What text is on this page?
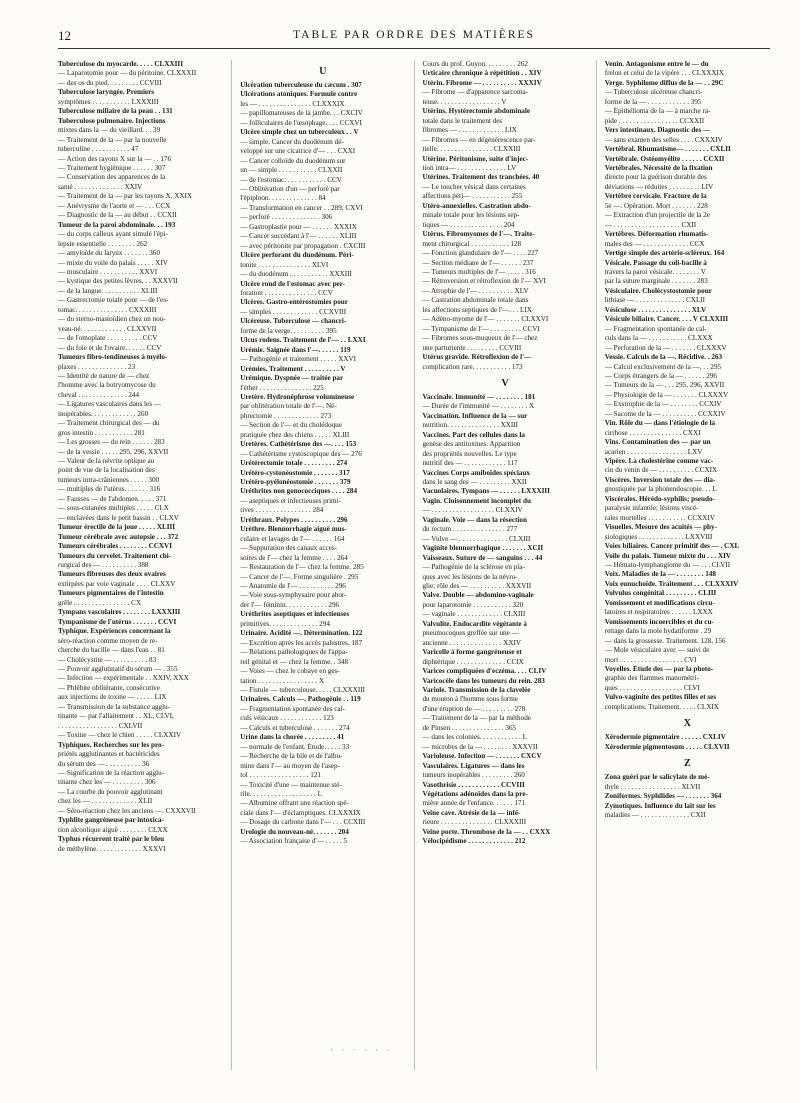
12	TABLE PAR ORDRE DES MATIÈRES
Tuberculose du myocarde. . . . . CLXXIII
— Laparotomie pour — du péritoine. CLXXXII
— des os du pied. . . . . . . . . CCVIII
Tuberculose laryngée. Premiers
symptômes . . . . . . . . . . . LXXXIII
Tuberculose miliaire de la peau . . 131
Tuberculose pulmonaire. Injections
mixtes dans la — du vieillard. . . 39
— Traitement de la — par la nouvelle
tuberculine . . . . . . . . . . . 47
— Action des rayons X sur la — . . 176
— Traitement hygiénique . . . . . . 307
— Conservation des apparences de la
santé . . . . . . . . . . . . . . XXIV
— Traitement de la — par les rayons X. XXIX
— Anévrysme de l'aorte et — . . . CCX
— Diagnostic de la — au début . . CCXII
Tumeur de la paroi abdominale. . . 193
— du corps calleux ayant simulé l'épi-
lepsie essentielle . . . . . . . . 262
— amyloïde du larynx . . . . . . . 360
— mixte du voile du palais . . . . . XIV
— musculaire . . . . . . . . . . . XXVI
— kystique des petites lèvres. . . XXXVII
— de la langue. . . . . . . . . . . XLIII
— Gastrectomie totale pour — de l'es-
tomac. . . . . . . . . . . . . . . CXXXIII
— du sterno-mastoïdien chez un nou-
veau-né. . . . . . . . . . . . . CLXXVII
— de l'omoplate . . . . . . . . . . CCV
— du foie et de l'ovaire. . . . . . CCV
Tumeurs fibro-tendineuses à myélo-
plaxes . . . . . . . . . . . . . . 23
— Identité de nature de — chez
l'homme avec la botryomycose du
cheval . . . . . . . . . . . . . . 244
— Ligatures vasculaires dans les —
inopérables. . . . . . . . . . . . . 260
— Traitement chirurgical des — du
gros intestin . . . . . . . . . . . 281
— Les grosses — du rein . . . . . . 283
— de la vessie . . . . . 295, 296, XXVII
— Valeur de la névrite optique au
point de vue de la localisation des
tumeurs intra-crâniennes . . . . . 300
— multiples de l'utérus. . . . . . . 316
— Fausses — de l'abdomen. . . . . 371
— sous-cutanées multiples . . . . . CLX
— enclavées dans le petit bassin . . CLXV
Tumeur érectile de la joue . . . . . XLIII
Tumeur cérébrale avec autopsie . . . 372
Tumeurs cérébrales . . . . . . . . CCXVI
Tumeurs du cervelet. Traitement chi-
rurgical des — . . . . . . . . . . 388
Tumeurs fibreuses des deux ovaires
extirpées par voie vaginale . . . . CLXXV
Tumeurs pigmentaires de l'intestin
grêle . . . . . . . . . . . . . . . . CX
Tympans vasculaires . . . . . . . . LXXXIII
Tympanisme de l'utérus . . . . . . . CCVI
Typhique. Expériences concernant la
séro-réaction comme moyen de re-
cherche du bacille — dans l'eau . . 81
— Cholécystite — . . . . . . . . . . 83
— Pouvoir agglutinatif du sérum — . 355
— Infection — expérimentale . . XXIV, XXX
— Phlébite oblitérante, consécutive
aux injections de toxine — . . . . . LIX
— Transmission de la substance agglu-
tinante — par l'allaitement . . XL, CLVI,
. . . . . . . . . . . . . . . . . CXLVII
— Toxine — chez le chien . . . . . CLXXIV
Typhiques. Recherches sur les pro-
priétés agglutinantes et bactéricides
du sérum des — . . . . . . . . . . 36
— Signification de la réaction agglu-
tinante chez les — . . . . . . . . . 306
— La courbe du pouvoir agglutinant
chez les — . . . . . . . . . . . . . XLII
— Séro-réaction chez les anciens —. CXXXVII
Typhlite gangréneuse par intoxica-
tion alcoolique aiguë . . . . . . . . CLXX
Typhus récurrent traité par le bleu
de méthylène. . . . . . . . . . . . . XXXVI
U
Ulcération tuberculeuse du cæcum . 307
Ulcérations atoniques. Formule contre
les — . . . . . . . . . . . . . . . CLXXXIX
— papillomateuses de la jambe. . . CXCIV
— folliculaires de l'œsophage. . . . CCXVI
Ulcère simple chez un tuberculeux . . V
— simple. Cancer du duodénum dé-
veloppé sur une cicatrice d'— . . . CXXI
— Cancer colloïde du duodénum sur
un — simple . . . . . . . . . . . CLXXII
— de l'estomac. . . . . . . . . . . . CCV
— Oblitération d'un — perforé par
l'épiploon. . . . . . . . . . . . . . 84
— Transformation en cancer . . 289, CXVI
— perforé . . . . . . . . . . . . . . 306
— Gastroplastie pour — . . . . . . XXXIX
— Cancer succédant à l'— . . . . . . XLIII
— avec péritonite par propagation . CXCIII
Ulcère perforant du duodénum. Péri-
tonite . . . . . . . . . . . . . . . XLVI
— du duodénum . . . . . . . . . . . XXXIII
Ulcère rond de l'estomac avec per-
foration . . . . . . . . . . . . . . . CCV
Ulcères. Gastro-entérostomies pour
— simples . . . . . . . . . . . . . CCXVIII
Ulcéreuse. Tuberculose — chancri-
forme de la verge. . . . . . . . . . 395
Ulcus rodens. Traitement de l'— . . LXXI
Urémie. Saignée dans l'—. . . . . . 119
— Pathogénie et traitement . . . . . XXVI
Urémies. Traitement . . . . . . . . . . V
Urémique. Dyspnée — traitée par
l'éther . . . . . . . . . . . . . . . 225
Uretère. Hydronéphrose volumineuse
par oblitération totale de l'—. Né-
phrectomie . . . . . . . . . . . . . 273
— Section de l'— et du cholédoque
pratiquée chez des chiens . . . . . XLIII
Uretères. Cathétérisme des —. . . . 153
— Cathétérisme cystoscopique des — 276
Urétérectomie totale . . . . . . . . . 274
Urétéro-cystonéostomie . . . . . . . 317
Urétéro-pyélonéostomie . . . . . . . 379
Uréthrites non gonococciques . . . . 284
— aseptiques et infectieuses primi-
tives . . . . . . . . . . . . . . . . 284
Uréthraux. Polypes . . . . . . . . . . 296
Urèthre. Blennorrhagie aiguë mus-
culaire et lavages de l'— . . . . . . 164
— Suppuration des canaux acces-
soires de l'— chez la femme . . . . 264
— Restauration de l'— chez la femme. 285
— Cancer de l'—. Forme singulière . 295
— Anatomie de l'— . . . . . . . . . . 296
— Voie sous-symphysaire pour abor-
der l'— féminin. . . . . . . . . . . . 296
Uréthrites aseptiques et infectieuses
primitives. . . . . . . . . . . . . . 294
Urinaire. Acidité —. Détermination. 122
— Excrétion après les accès palustres. 187
— Relations pathologiques de l'appa-
reil génital et — chez la femme. . 348
— Voies — chez le cobaye en ges-
tation . . . . . . . . . . . . . . . . . X
— Fistule — tuberculeuse. . . . . CLXXXIII
Urinaires. Calculs —. Pathogénie . . 119
— Fragmentation spontanée des cal-
culs vésicaux . . . . . . . . . . . . 123
— Calculs et tuberculose . . . . . . . 274
Urine dans la chorée . . . . . . . . . 41
— normale de l'enfant. Étude. . . . . 33
— Recherche de la bile et de l'albu-
mine dans l'— au moyen de l'asep-
tol . . . . . . . . . . . . . . . . . 121
— Toxicité d'une — maintenue sté-
rile. . . . . . . . . . . . . . . . . . . L
— Albumine offrant une réaction spé-
ciale dans l'— d'éclamptiques. CLXXXIX
— Dosage du carbone dans l'— . . . CCXIII
Urologie du nouveau-né. . . . . . . 204
— Association française d'— . . . . . 5
Cours du prof. Guyon. . . . . . . . . 262
Urticaire chronique à répétition . . XIV
Utérin. Fibrome — . . . . . . . . . . XXXIV
— Fibrome — d'apparence sarcoma-
teuse. . . . . . . . . . . . . . . . . . V
Utérins. Hystérectomie abdominale
totale dans le traitement des
fibromes — . . . . . . . . . . . . . LIX
— Fibromes — en dégénérescence par-
tielle. . . . . . . . . . . . . . . . CLXXIII
Utérine. Péritonisme, suite d'injec-
tion intra— . . . . . . . . . . . . . . LV
Utérines. Traitement des tranchées. 40
— Le toucher vésical dans certaines
affections péri— . . . . . . . . . . . 255
Utéro-annexielles. Castration abdo-
minale totale pour les lésions sep-
tiques — . . . . . . . . . . . . . . . 204
Utérus. Fibromyomes de l'—. Traite-
ment chirurgical . . . . . . . . . . . 128
— Fonction glandulaire de l'— . . . . 227
— Section médiane de l'— . . . . . . 237
— Tumeurs multiples de l'— . . . . . 316
— Rétroversion et rétroflexion de l'— XVI
— Atrophie de l'— . . . . . . . . . . XLV
— Castration abdominale totale dans
les affections septiques de l'—. . . LIX
— Adéno-myome de l'— . . . . . . . CLXXVI
— Tympanisme de l'— . . . . . . . . . CCVI
— Fibromes sous-muqueux de l'— chez
une parturiente . . . . . . . . . CCVIII
Utérus gravide. Rétroflexion de l'—
complication rare. . . . . . . . . . . 173
V
Vaccinale. Immunité — . . . . . . . . 181
— Durée de l'immunité — . . . . . . . . X
Vaccination. Influence de la — sur
nutrition. . . . . . . . . . . . . . . XXIII
Vaccines. Part des cellules dans la
genèse des antitoxines. Apparition
des propriétés nouvelles. Le type
nutritif des — . . . . . . . . . . . . 117
Vaccines Corps amiboïdes spéciaux
dans le sang des — . . . . . . . . . XXII
Vacuolaires. Tympans — . . . . . . LXXXIII
Vagin. Cloisonnement incomplet du
— . . . . . . . . . . . . . . . . . . CLXXIV
Vaginale. Voie — dans la résection
du rectum . . . . . . . . . . . . . . . 277
— Vulve — . . . . . . . . . . . . . . CLXIII
Vaginite blennorrhagique . . . . . . . XCII
Vaisseaux. Suture de — sanguins . . . 44
— Pathogénie de la sclérose en pla-
ques avec les lésions de la névro-
glie; rôle des — . . . . . . . . . . XXXVII
Valve. Double — abdomino-vaginale
pour laparotomie . . . . . . . . . . . 320
— vaginale . . . . . . . . . . . . . CLXIII
Valvulite. Endocardite végétante à
pneumocoques greffée sur une —
ancienne . . . . . . . . . . . . . . . XXIV
Varicelle à forme gangréneuse et
diphtérique . . . . . . . . . . . . . . CCIX
Varices compliquées d'eczéma. . . . CLIV
Varicocèle dans les tumeurs du rein. 283
Variole. Transmission de la clavelée
du mouton à l'homme sous forme
d'une éruption de — . . . . . . . . . 278
— Traitement de la — par la méthode
de Pinsen . . . . . . . . . . . . . . . 365
— dans les colonies. . . . . . . . . . . . L
— microbes de la — . . . . . . . . XXXVII
Varioleuse. Infection — . . . . . . . CXCV
Vasculaires. Ligatures — dans les
tumeurs inopérables . . . . . . . . . 260
Vasothrisie . . . . . . . . . . . . CCVIII
Végétations adénoïdes dans la pre-
mière année de l'enfance. . . . . . 171
Veine cave. Atrésie de la — infé-
rieure . . . . . . . . . . . . . . . CLXXXIII
Veine porte. Thrombose de la — . . CXXX
Vélocipédisme . . . . . . . . . . . . . 212
Venin. Antagonisme entre le — du
frelon et celui de la vipère . . . CLXXXIX
Verge. Syphilome diffus de la — . . 29C
— Tuberculose ulcéreuse chancri-
forme de la — . . . . . . . . . . . . 395
— Épithélioma de la — à marche ra-
pide . . . . . . . . . . . . . . . . . CCXXII
Vers intestinaux. Diagnostic des —
— sans examen des selles . . . . CXXXIV
Vertébral. Rhumatisme— . . . . . . . CXLII
Vertébrale. Ostéomyélite . . . . . . CCXII
Vertébrales. Nécessité de la fixation
directe pour la guérison durable des
déviations — réduites . . . . . . . . . LIV
Vertèbre cervicale. Fracture de la
5e —. Opération. Mort . . . . . . . 228
— Extraction d'un projectile de la 2e
— . . . . . . . . . . . . . . . . . . . CXII
Vertèbres. Déformation rhumatis-
males des — . . . . . . . . . . . . . CCX
Vertige simple des artério-scléreux. 164
Vésicale. Passage du coli-bacille à
travers la paroi vésicale. . . . . . . . V
par la suture marginale . . . . . . . 283
Vésiculaire. Cholécystostomie pour
lithiase — . . . . . . . . . . . . . . CXLII
Vésiculose . . . . . . . . . . . . . . . XLV
Vésicule biliaire. Cancer. . . . V CLXXIII
— Fragmentation spontanée de cal-
culs dans la — . . . . . . . . . . . CLXXX
— Perforation de la — . . . . . . . CLXXXV
Vessie. Calculs de la —. Récidive. . 263
— Calcul exclusivement de la —. . . 295
— Corps étrangers de la — . . . . . . 296
— Tumeurs de la — . . . 295, 296, XXVII
— Physiologie de la — . . . . . . . CLXXXV
— Exstrophie de la — . . . . . . . . CCXIV
— Sacome de la — . . . . . . . . . . CCXXIV
Vin. Rôle du — dans l'étiologie de la
cirrhose . . . . . . . . . . . . . . . CXXI
Vins. Contamination des — par un
acarien . . . . . . . . . . . . . . . . . LXV
Vipère. La cholestérine comme vac-
cin du venin de — . . . . . . . . . . CCXIX
Viscères. Inversion totale des — dia-
gnostiquée par la phonendoscopie. . . L
Viscérales. Hérédo-syphilis; pseudo-
paralysie infantile; lésions viscé-
rales mortelles . . . . . . . . . . . CCXXIV
Visuelles. Mesure des acuités — phy-
siologiques . . . . . . . . . . . . . LXXVIII
Voies biliaires. Cancer primitif des — . CXL
Voile du palais. Tumeur mixte du . . . XIV
— Hémato-lymphangiome du — . . . CLVII
Voix. Maladies de la — . . . . . . . . 148
Voix eunuchoïde. Traitement . . . CLXXXIV
Volvulus congénital . . . . . . . . . CLIII
Vomissement et modifications circu-
latoires et respiratoires . . . . . . LXXX
Vomissements incoercibles et du cu-
rettage dans la mole hydatiforme . 29
— dans la grossesse. Traitement. 128, 156
— Mole vésiculaire avec — suivi de
mort . . . . . . . . . . . . . . . . . . CVI
Voyelles. Étude des — par la photo-
graphie des flammes manométri-
ques . . . . . . . . . . . . . . . . . . CLVI
Vulvo-vaginite des petites filles et ses
complications. Traitement. . . . . CLXIX
X
Xérodermie pigmentaire . . . . . . CXLIV
Xérodermie pigmentosum . . . . . CLXVII
Z
Zona guéri par le salicylate de mé-
thyle . . . . . . . . . . . . . . . . . XLVII
Zoniformes. Syphilides — . . . . . . . 364
Zymotiques. Influence du lait sur les
maladies — . . . . . . . . . . . . . . CXII
· · · · · ·
